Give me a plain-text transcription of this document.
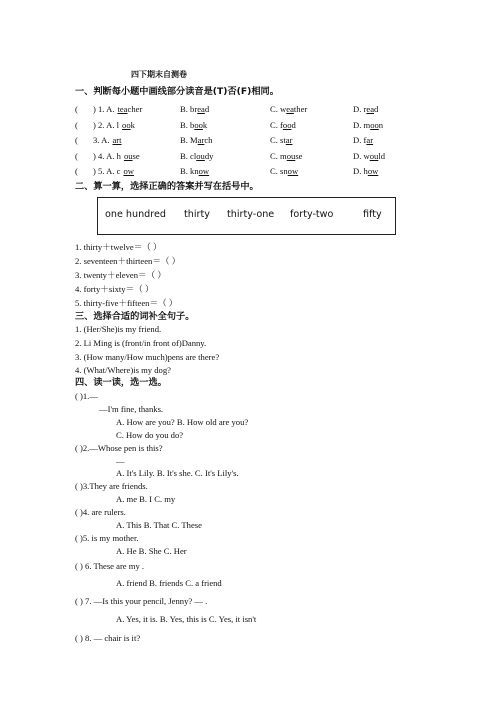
四下期末自测卷
一、判断每小题中画线部分读音是(T)否(F)相同。
( ) 1. A. teacher	B. bread	C. weather	D. read
( ) 2. A. l ook	B. book	C. food	D. moon
( 3. A. art	B. March	C. star	D. far
( ) 4. A. h ouse	B. cloudy	C. mouse	D. would
( ) 5. A. c ow	B. know	C. snow	D. how
二、算一算，选择正确的答案并写在括号中。
one hundred thirty thirty-one forty-two	fifty
1. thirty＋twelve＝（ ）
2. seventeen＋thirteen＝（ ）
3. twenty＋eleven＝（ ）
4. forty＋sixty＝（ ）
5. thirty-five＋fifteen＝（ ）
三、选择合适的词补全句子。
1. (Her/She)is my friend.
2. Li Ming is (front/in front of)Danny.
3. (How many/How much)pens are there?
4. (What/Where)is my dog?
四、读一读，选一选。
( )1.—
—I'm fine, thanks.
A. How are you? B. How old are you?
C. How do you do?
( )2.—Whose pen is this?
—
A. It's Lily. B. It's she. C. It's Lily's.
( )3.They are friends.
A. me B. I C. my
( )4. are rulers.
A. This B. That C. These
( )5. is my mother.
A. He B. She C. Her
( ) 6. These are my .
A. friend B. friends C. a friend
( ) 7. —Is this your pencil, Jenny? — .
A. Yes, it is. B. Yes, this is C. Yes, it isn't
( ) 8. — chair is it?
